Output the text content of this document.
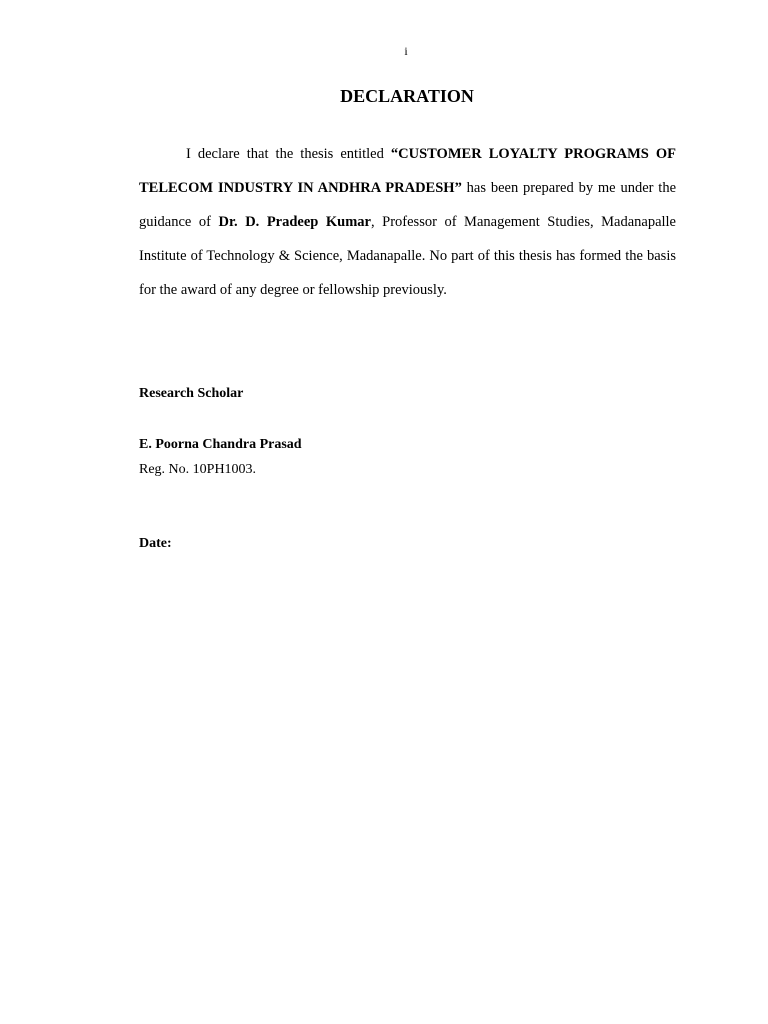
i
DECLARATION

I declare that the thesis entitled “CUSTOMER LOYALTY PROGRAMS OF TELECOM INDUSTRY IN ANDHRA PRADESH” has been prepared by me under the guidance of Dr. D. Pradeep Kumar, Professor of Management Studies, Madanapalle Institute of Technology & Science, Madanapalle. No part of this thesis has formed the basis for the award of any degree or fellowship previously.

Research Scholar
E. Poorna Chandra Prasad
Reg. No. 10PH1003.
Date:
